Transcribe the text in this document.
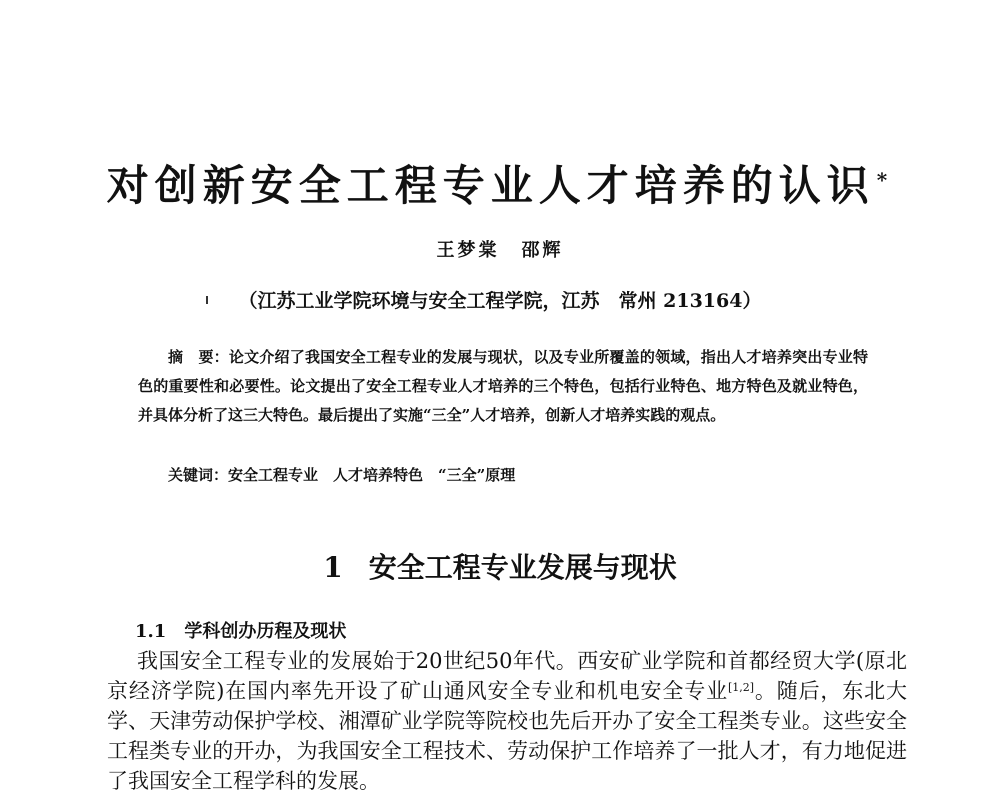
对创新安全工程专业人才培养的认识 *
王梦棠 邵辉
（江苏工业学院环境与安全工程学院，江苏　常州 213164）
摘　要：论文介绍了我国安全工程专业的发展与现状，以及专业所覆盖的领域，指出人才培养突出专业特色的重要性和必要性。论文提出了安全工程专业人才培养的三个特色，包括行业特色、地方特色及就业特色，并具体分析了这三大特色。最后提出了实施“三全”人才培养，创新人才培养实践的观点。
关键词：安全工程专业　人才培养特色　“三全”原理
1 安全工程专业发展与现状
1.1 学科创办历程及现状
我国安全工程专业的发展始于20世纪50年代。西安矿业学院和首都经贸大学(原北京经济学院)在国内率先开设了矿山通风安全专业和机电安全专业[1,2]。随后，东北大学、天津劳动保护学校、湘潭矿业学院等院校也先后开办了安全工程类专业。这些安全工程类专业的开办，为我国安全工程技术、劳动保护工作培养了一批人才，有力地促进了我国安全工程学科的发展。
